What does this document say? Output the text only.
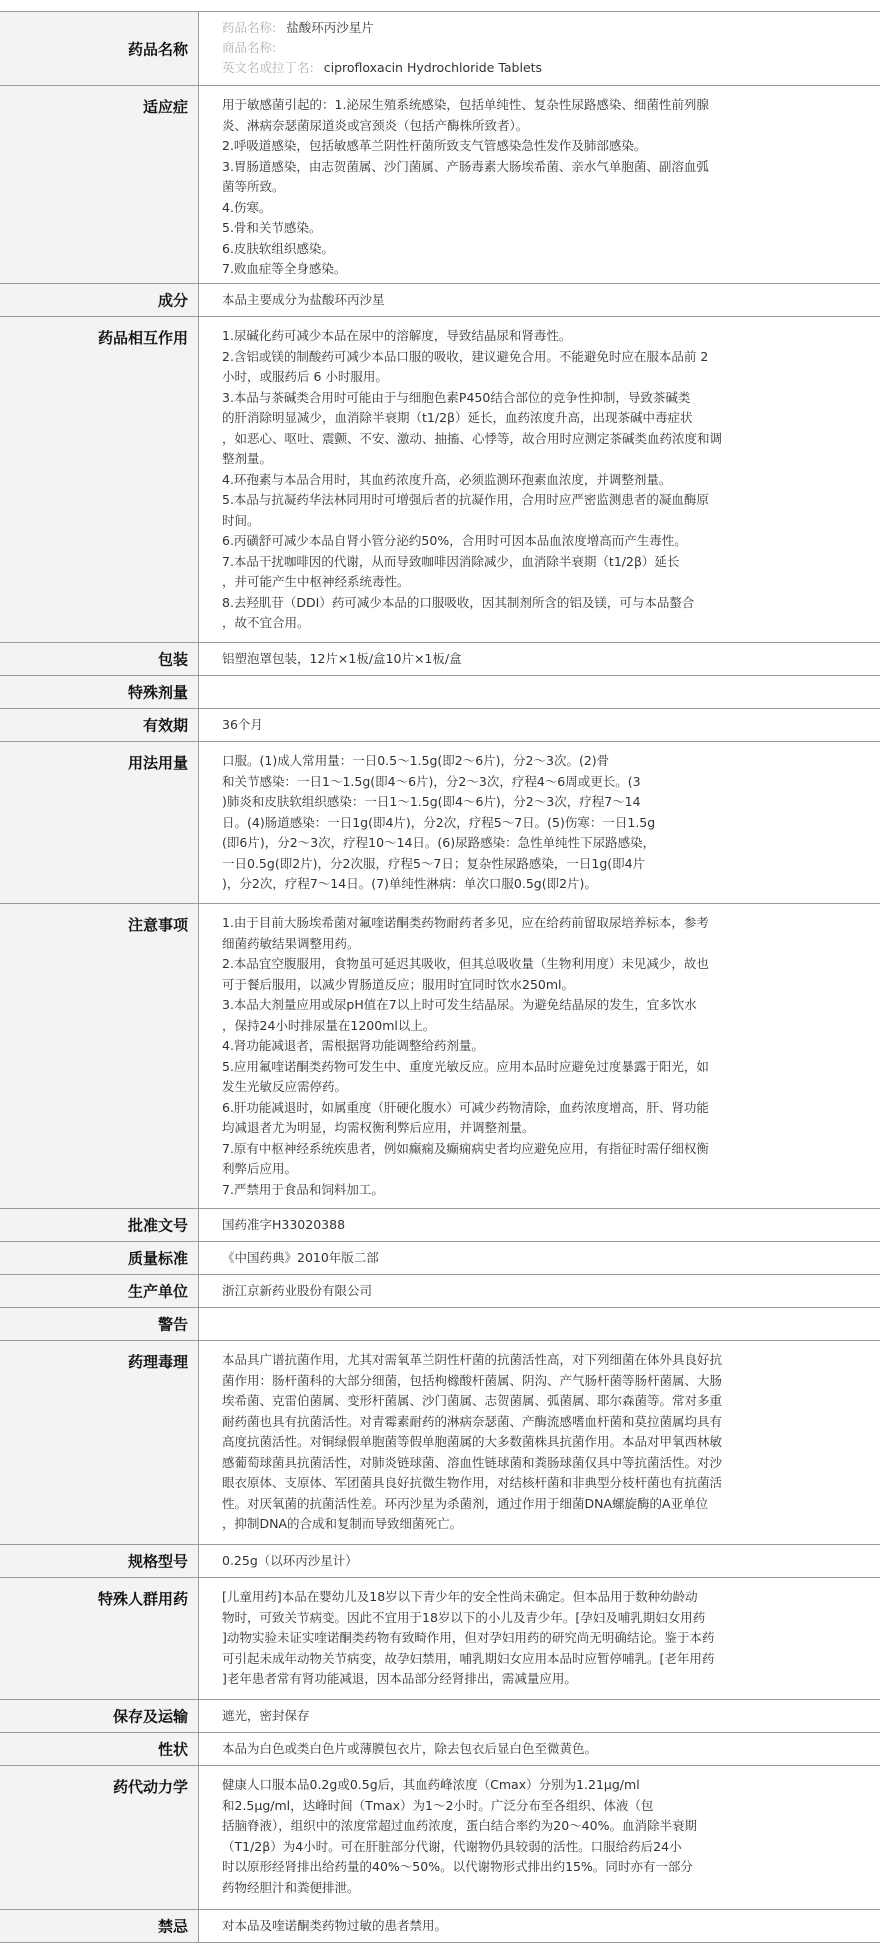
药品名称
药品名称: 盐酸环丙沙星片
商品名称:
英文名或拉丁名: ciprofloxacin Hydrochloride Tablets
适应症	用于敏感菌引起的：1.泌尿生殖系统感染，包括单纯性、复杂性尿路感染、细菌性前列腺
炎、淋病奈瑟菌尿道炎或宫颈炎（包括产酶株所致者）。
2.呼吸道感染，包括敏感革兰阴性杆菌所致支气管感染急性发作及肺部感染。
3.胃肠道感染，由志贺菌属、沙门菌属、产肠毒素大肠埃希菌、亲水气单胞菌、副溶血弧
菌等所致。
4.伤寒。
5.骨和关节感染。
6.皮肤软组织感染。
7.败血症等全身感染。
成分	本品主要成分为盐酸环丙沙星
药品相互作用	1.尿碱化药可减少本品在尿中的溶解度，导致结晶尿和肾毒性。
2.含铝或镁的制酸药可减少本品口服的吸收，建议避免合用。不能避免时应在服本品前 2
小时，或服药后 6 小时服用。
3.本品与茶碱类合用时可能由于与细胞色素P450结合部位的竞争性抑制，导致茶碱类
的肝消除明显减少，血消除半衰期（t1/2β）延长，血药浓度升高，出现茶碱中毒症状
，如恶心、呕吐、震颤、不安、激动、抽搐、心悸等，故合用时应测定茶碱类血药浓度和调
整剂量。
4.环孢素与本品合用时，其血药浓度升高，必须监测环孢素血浓度，并调整剂量。
5.本品与抗凝药华法林同用时可增强后者的抗凝作用，合用时应严密监测患者的凝血酶原
时间。
6.丙磺舒可减少本品自肾小管分泌约50%，合用时可因本品血浓度增高而产生毒性。
7.本品干扰咖啡因的代谢，从而导致咖啡因消除减少，血消除半衰期（t1/2β）延长
，并可能产生中枢神经系统毒性。
8.去羟肌苷（DDI）药可减少本品的口服吸收，因其制剂所含的铝及镁，可与本品螯合
，故不宜合用。
包装	铝塑泡罩包装，12片×1板/盒10片×1板/盒
特殊剂量
有效期	36个月
用法用量	口服。(1)成人常用量：一日0.5～1.5g(即2～6片)，分2～3次。(2)骨
和关节感染：一日1～1.5g(即4～6片)，分2～3次，疗程4～6周或更长。(3
)肺炎和皮肤软组织感染：一日1～1.5g(即4～6片)，分2～3次，疗程7～14
日。(4)肠道感染：一日1g(即4片)，分2次，疗程5～7日。(5)伤寒：一日1.5g
(即6片)，分2～3次，疗程10～14日。(6)尿路感染：急性单纯性下尿路感染，
一日0.5g(即2片)，分2次服，疗程5～7日；复杂性尿路感染，一日1g(即4片
)，分2次，疗程7～14日。(7)单纯性淋病：单次口服0.5g(即2片)。
注意事项	1.由于目前大肠埃希菌对氟喹诺酮类药物耐药者多见，应在给药前留取尿培养标本，参考
细菌药敏结果调整用药。
2.本品宜空腹服用，食物虽可延迟其吸收，但其总吸收量（生物利用度）未见减少，故也
可于餐后服用，以减少胃肠道反应；服用时宜同时饮水250ml。
3.本品大剂量应用或尿pH值在7以上时可发生结晶尿。为避免结晶尿的发生，宜多饮水
，保持24小时排尿量在1200ml以上。
4.肾功能减退者，需根据肾功能调整给药剂量。
5.应用氟喹诺酮类药物可发生中、重度光敏反应。应用本品时应避免过度暴露于阳光，如
发生光敏反应需停药。
6.肝功能减退时，如属重度（肝硬化腹水）可减少药物清除，血药浓度增高，肝、肾功能
均减退者尤为明显，均需权衡利弊后应用，并调整剂量。
7.原有中枢神经系统疾患者，例如癫痫及癫痫病史者均应避免应用，有指征时需仔细权衡
利弊后应用。
7.严禁用于食品和饲料加工。
批准文号	国药准字H33020388
质量标准	《中国药典》2010年版二部
生产单位	浙江京新药业股份有限公司
警告
药理毒理	本品具广谱抗菌作用，尤其对需氧革兰阴性杆菌的抗菌活性高，对下列细菌在体外具良好抗
菌作用：肠杆菌科的大部分细菌，包括枸橼酸杆菌属、阴沟、产气肠杆菌等肠杆菌属、大肠
埃希菌、克雷伯菌属、变形杆菌属、沙门菌属、志贺菌属、弧菌属、耶尔森菌等。常对多重
耐药菌也具有抗菌活性。对青霉素耐药的淋病奈瑟菌、产酶流感嗜血杆菌和莫拉菌属均具有
高度抗菌活性。对铜绿假单胞菌等假单胞菌属的大多数菌株具抗菌作用。本品对甲氧西林敏
感葡萄球菌具抗菌活性，对肺炎链球菌、溶血性链球菌和粪肠球菌仅具中等抗菌活性。对沙
眼衣原体、支原体、军团菌具良好抗微生物作用，对结核杆菌和非典型分枝杆菌也有抗菌活
性。对厌氧菌的抗菌活性差。环丙沙星为杀菌剂，通过作用于细菌DNA螺旋酶的A亚单位
，抑制DNA的合成和复制而导致细菌死亡。
规格型号	0.25g（以环丙沙星计）
特殊人群用药	[儿童用药]本品在婴幼儿及18岁以下青少年的安全性尚未确定。但本品用于数种幼龄动
物时，可致关节病变。因此不宜用于18岁以下的小儿及青少年。[孕妇及哺乳期妇女用药
]动物实验未证实喹诺酮类药物有致畸作用，但对孕妇用药的研究尚无明确结论。鉴于本药
可引起未成年动物关节病变，故孕妇禁用，哺乳期妇女应用本品时应暂停哺乳。[老年用药
]老年患者常有肾功能减退，因本品部分经肾排出，需减量应用。
保存及运输	遮光，密封保存
性状	本品为白色或类白色片或薄膜包衣片，除去包衣后显白色至微黄色。
药代动力学	健康人口服本品0.2g或0.5g后，其血药峰浓度（Cmax）分别为1.21μg/ml
和2.5μg/ml，达峰时间（Tmax）为1～2小时。广泛分布至各组织、体液（包
括脑脊液），组织中的浓度常超过血药浓度，蛋白结合率约为20～40%。血消除半衰期
（T1/2β）为4小时。可在肝脏部分代谢，代谢物仍具较弱的活性。口服给药后24小
时以原形经肾排出给药量的40%～50%。以代谢物形式排出约15%。同时亦有一部分
药物经胆汁和粪便排泄。
禁忌	对本品及喹诺酮类药物过敏的患者禁用。
